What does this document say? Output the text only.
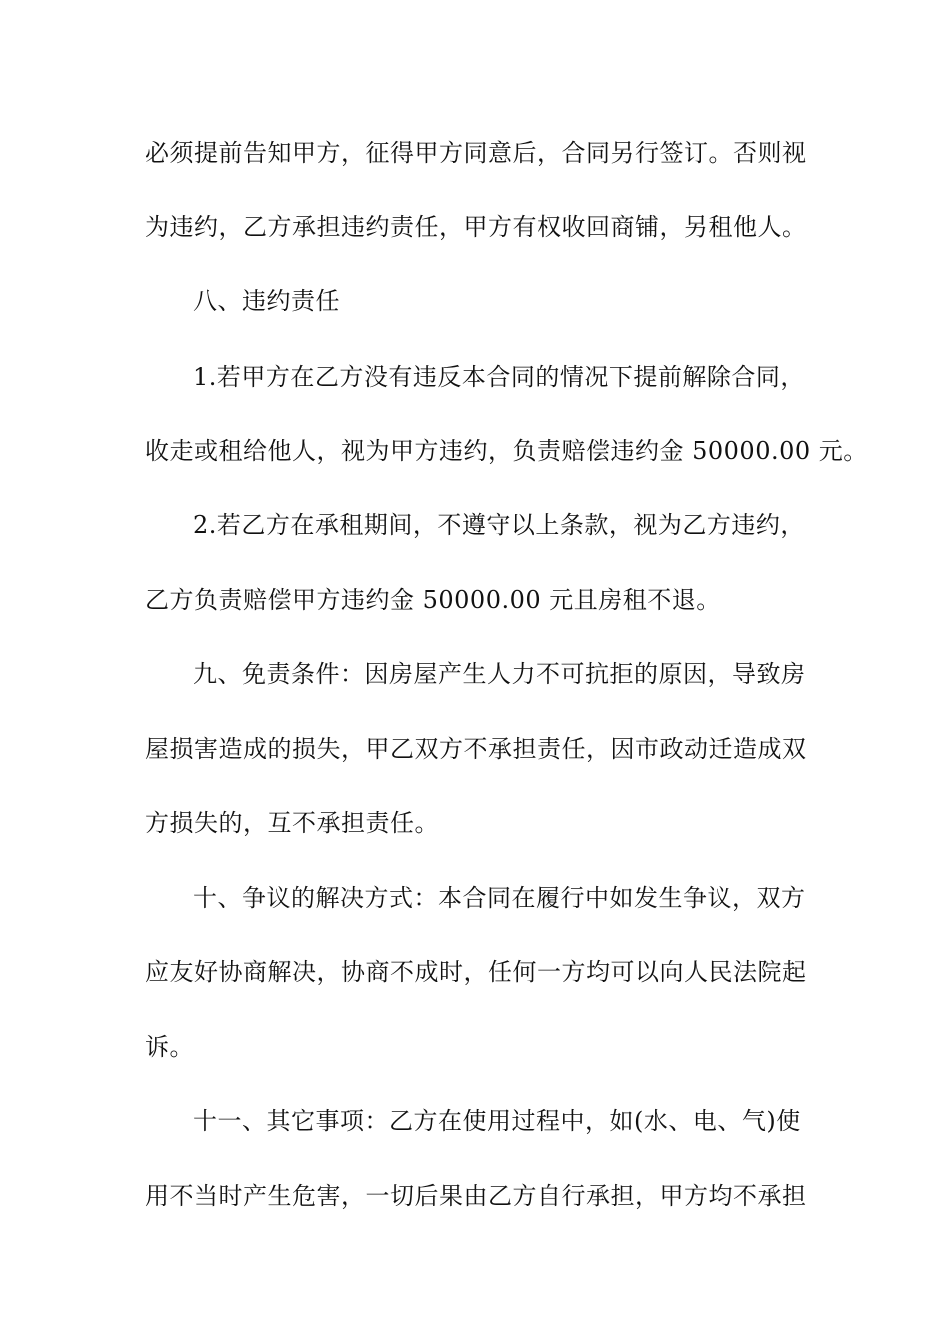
必须提前告知甲方，征得甲方同意后，合同另行签订。否则视
为违约，乙方承担违约责任，甲方有权收回商铺，另租他人。
八、违约责任
1.若甲方在乙方没有违反本合同的情况下提前解除合同，
收走或租给他人，视为甲方违约，负责赔偿违约金 50000.00 元。
2.若乙方在承租期间，不遵守以上条款，视为乙方违约，
乙方负责赔偿甲方违约金 50000.00 元且房租不退。
九、免责条件：因房屋产生人力不可抗拒的原因，导致房
屋损害造成的损失，甲乙双方不承担责任，因市政动迁造成双
方损失的，互不承担责任。
十、争议的解决方式：本合同在履行中如发生争议，双方
应友好协商解决，协商不成时，任何一方均可以向人民法院起
诉。
十一、其它事项：乙方在使用过程中，如(水、电、气)使
用不当时产生危害，一切后果由乙方自行承担，甲方均不承担
